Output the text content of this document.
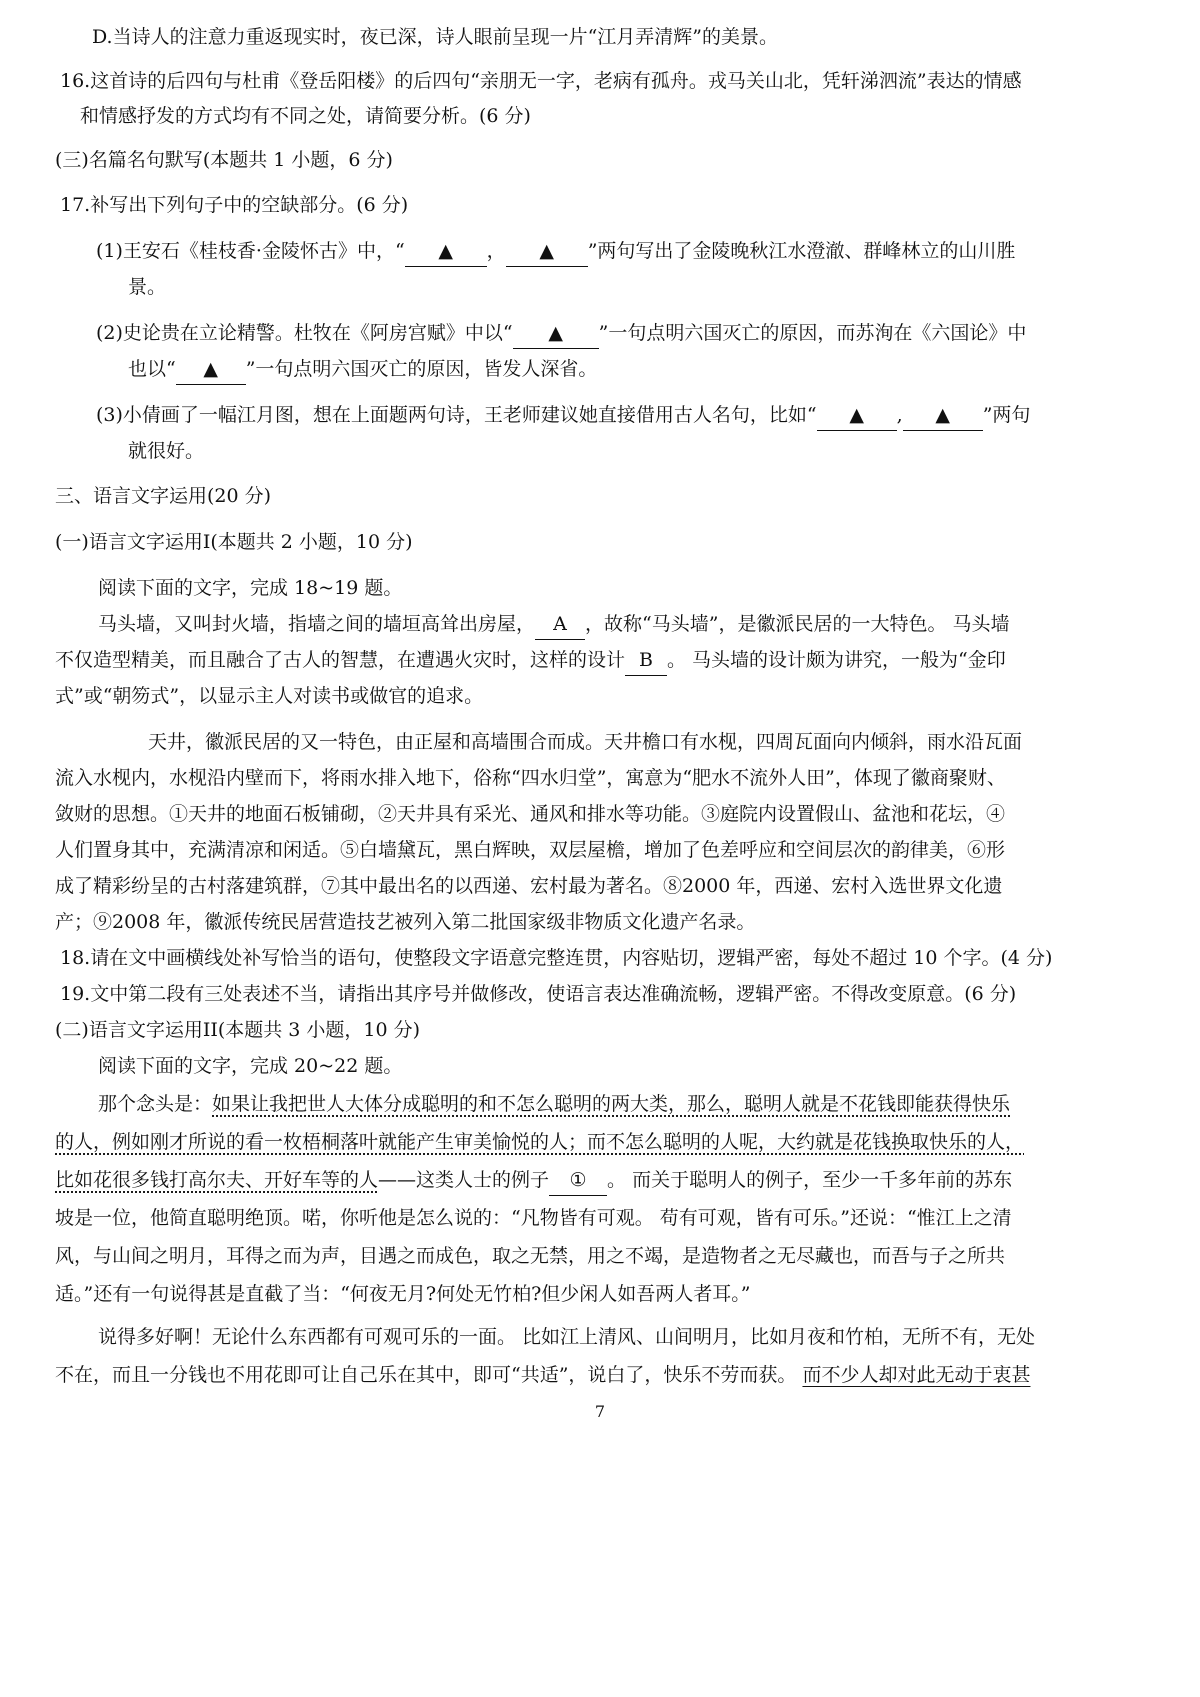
D.当诗人的注意力重返现实时，夜已深，诗人眼前呈现一片“江月弄清辉”的美景。
16.这首诗的后四句与杜甫《登岳阳楼》的后四句“亲朋无一字，老病有孤舟。戎马关山北，凭轩涕泗流”表达的情感
和情感抒发的方式均有不同之处，请简要分析。(6 分)
(三)名篇名句默写(本题共 1 小题，6 分)
17.补写出下列句子中的空缺部分。(6 分)
(1)王安石《桂枝香·金陵怀古》中，“ ▲ ， ▲ ”两句写出了金陵晚秋江水澄澈、群峰林立的山川胜
景。
(2)史论贵在立论精警。杜牧在《阿房宫赋》中以“ ▲ ”一句点明六国灭亡的原因，而苏洵在《六国论》中
也以“ ▲ ”一句点明六国灭亡的原因，皆发人深省。
(3)小倩画了一幅江月图，想在上面题两句诗，王老师建议她直接借用古人名句，比如“ ▲ , ▲ ”两句
就很好。
三、语言文字运用(20 分)
(一)语言文字运用I(本题共 2 小题，10 分)
阅读下面的文字，完成 18~19 题。
马头墙，又叫封火墙，指墙之间的墙垣高耸出房屋， A ，故称“马头墙”，是徽派民居的一大特色。 马头墙
不仅造型精美，而且融合了古人的智慧，在遭遇火灾时，这样的设计 B 。 马头墙的设计颇为讲究，一般为“金印
式”或“朝笏式”，以显示主人对读书或做官的追求。
天井，徽派民居的又一特色，由正屋和高墙围合而成。天井檐口有水枧，四周瓦面向内倾斜，雨水沿瓦面
流入水枧内，水枧沿内壁而下，将雨水排入地下，俗称“四水归堂”，寓意为“肥水不流外人田”，体现了徽商聚财、
敛财的思想。①天井的地面石板铺砌，②天井具有采光、通风和排水等功能。③庭院内设置假山、盆池和花坛，④
人们置身其中，充满清凉和闲适。⑤白墙黛瓦，黑白辉映，双层屋檐，增加了色差呼应和空间层次的韵律美，⑥形
成了精彩纷呈的古村落建筑群，⑦其中最出名的以西递、宏村最为著名。⑧2000 年，西递、宏村入选世界文化遗
产；⑨2008 年，徽派传统民居营造技艺被列入第二批国家级非物质文化遗产名录。
18.请在文中画横线处补写恰当的语句，使整段文字语意完整连贯，内容贴切，逻辑严密，每处不超过 10 个字。(4 分)
19.文中第二段有三处表述不当，请指出其序号并做修改，使语言表达准确流畅，逻辑严密。不得改变原意。(6 分)
(二)语言文字运用II(本题共 3 小题，10 分)
阅读下面的文字，完成 20~22 题。
那个念头是：如果让我把世人大体分成聪明的和不怎么聪明的两大类，那么，聪明人就是不花钱即能获得快乐
的人，例如刚才所说的看一枚梧桐落叶就能产生审美愉悦的人；而不怎么聪明的人呢，大约就是花钱换取快乐的人，
比如花很多钱打高尔夫、开好车等的人——这类人士的例子 ① 。 而关于聪明人的例子，至少一千多年前的苏东
坡是一位，他简直聪明绝顶。喏，你听他是怎么说的：“凡物皆有可观。 苟有可观，皆有可乐。”还说：“惟江上之清
风，与山间之明月，耳得之而为声，目遇之而成色，取之无禁，用之不竭，是造物者之无尽藏也，而吾与子之所共
适。”还有一句说得甚是直截了当：“何夜无月?何处无竹柏?但少闲人如吾两人者耳。”
说得多好啊！无论什么东西都有可观可乐的一面。 比如江上清风、山间明月，比如月夜和竹柏，无所不有，无处
不在，而且一分钱也不用花即可让自己乐在其中，即可“共适”，说白了，快乐不劳而获。 而不少人却对此无动于衷甚
7
